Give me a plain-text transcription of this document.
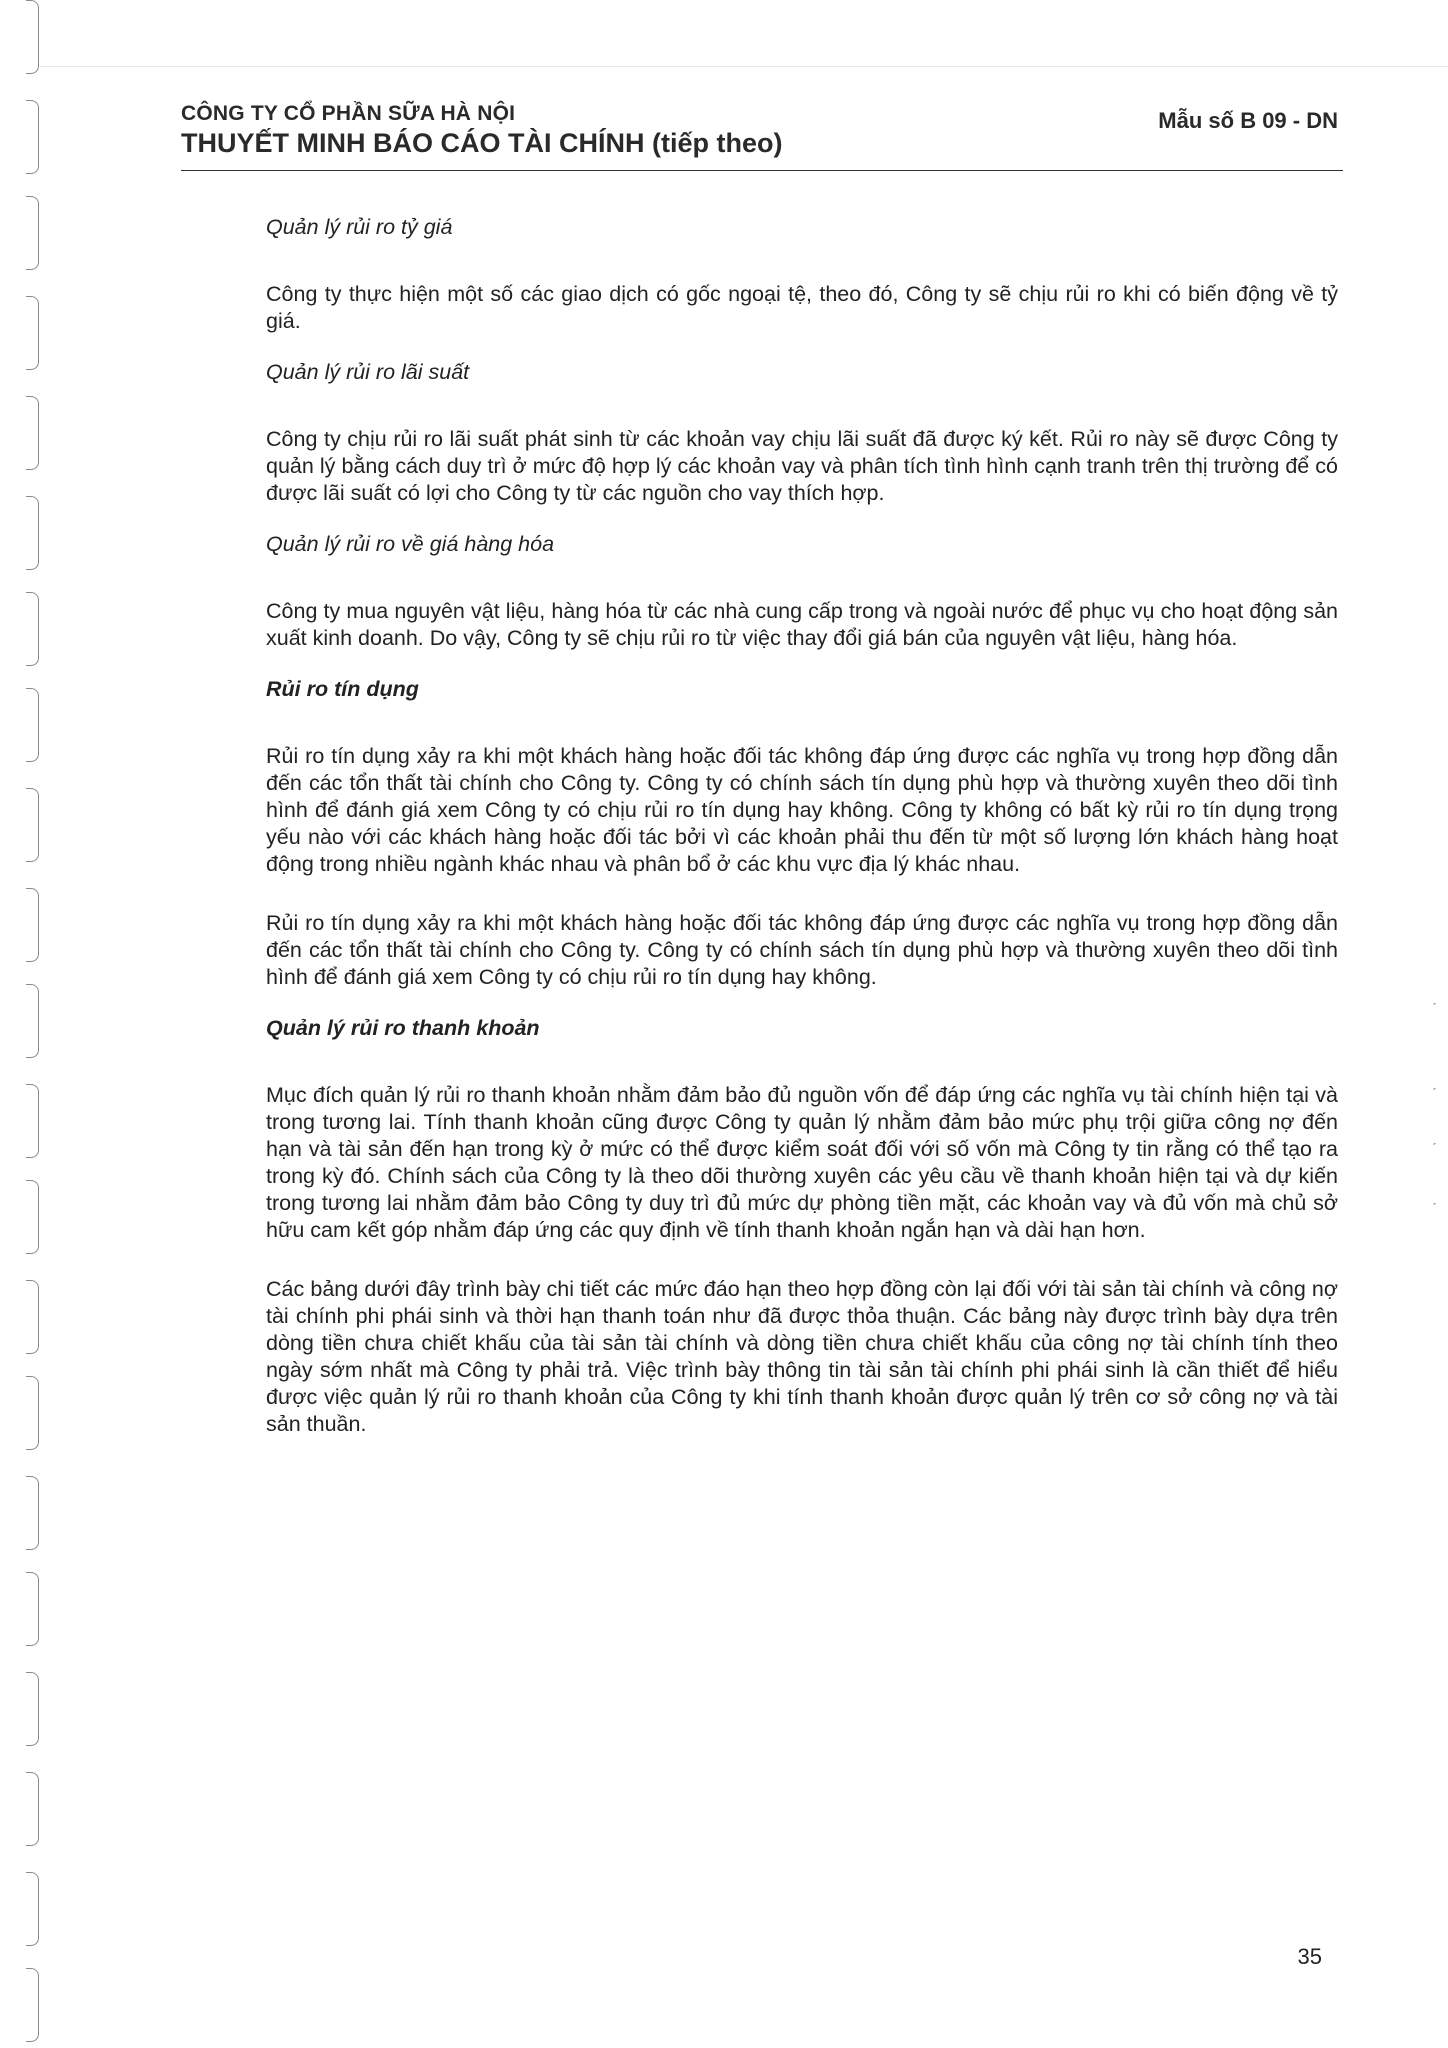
CÔNG TY CỔ PHẦN SỮA HÀ NỘI
THUYẾT MINH BÁO CÁO TÀI CHÍNH (tiếp theo)
Mẫu số B 09 - DN

Quản lý rủi ro tỷ giá

Công ty thực hiện một số các giao dịch có gốc ngoại tệ, theo đó, Công ty sẽ chịu rủi ro khi có biến động về tỷ giá.

Quản lý rủi ro lãi suất

Công ty chịu rủi ro lãi suất phát sinh từ các khoản vay chịu lãi suất đã được ký kết. Rủi ro này sẽ được Công ty quản lý bằng cách duy trì ở mức độ hợp lý các khoản vay và phân tích tình hình cạnh tranh trên thị trường để có được lãi suất có lợi cho Công ty từ các nguồn cho vay thích hợp.

Quản lý rủi ro về giá hàng hóa

Công ty mua nguyên vật liệu, hàng hóa từ các nhà cung cấp trong và ngoài nước để phục vụ cho hoạt động sản xuất kinh doanh. Do vậy, Công ty sẽ chịu rủi ro từ việc thay đổi giá bán của nguyên vật liệu, hàng hóa.

Rủi ro tín dụng

Rủi ro tín dụng xảy ra khi một khách hàng hoặc đối tác không đáp ứng được các nghĩa vụ trong hợp đồng dẫn đến các tổn thất tài chính cho Công ty. Công ty có chính sách tín dụng phù hợp và thường xuyên theo dõi tình hình để đánh giá xem Công ty có chịu rủi ro tín dụng hay không. Công ty không có bất kỳ rủi ro tín dụng trọng yếu nào với các khách hàng hoặc đối tác bởi vì các khoản phải thu đến từ một số lượng lớn khách hàng hoạt động trong nhiều ngành khác nhau và phân bổ ở các khu vực địa lý khác nhau.

Rủi ro tín dụng xảy ra khi một khách hàng hoặc đối tác không đáp ứng được các nghĩa vụ trong hợp đồng dẫn đến các tổn thất tài chính cho Công ty. Công ty có chính sách tín dụng phù hợp và thường xuyên theo dõi tình hình để đánh giá xem Công ty có chịu rủi ro tín dụng hay không.

Quản lý rủi ro thanh khoản

Mục đích quản lý rủi ro thanh khoản nhằm đảm bảo đủ nguồn vốn để đáp ứng các nghĩa vụ tài chính hiện tại và trong tương lai. Tính thanh khoản cũng được Công ty quản lý nhằm đảm bảo mức phụ trội giữa công nợ đến hạn và tài sản đến hạn trong kỳ ở mức có thể được kiểm soát đối với số vốn mà Công ty tin rằng có thể tạo ra trong kỳ đó. Chính sách của Công ty là theo dõi thường xuyên các yêu cầu về thanh khoản hiện tại và dự kiến trong tương lai nhằm đảm bảo Công ty duy trì đủ mức dự phòng tiền mặt, các khoản vay và đủ vốn mà chủ sở hữu cam kết góp nhằm đáp ứng các quy định về tính thanh khoản ngắn hạn và dài hạn hơn.

Các bảng dưới đây trình bày chi tiết các mức đáo hạn theo hợp đồng còn lại đối với tài sản tài chính và công nợ tài chính phi phái sinh và thời hạn thanh toán như đã được thỏa thuận. Các bảng này được trình bày dựa trên dòng tiền chưa chiết khấu của tài sản tài chính và dòng tiền chưa chiết khấu của công nợ tài chính tính theo ngày sớm nhất mà Công ty phải trả. Việc trình bày thông tin tài sản tài chính phi phái sinh là cần thiết để hiểu được việc quản lý rủi ro thanh khoản của Công ty khi tính thanh khoản được quản lý trên cơ sở công nợ và tài sản thuần.

ˊ
ˊ
ˊ
ˊ
35
